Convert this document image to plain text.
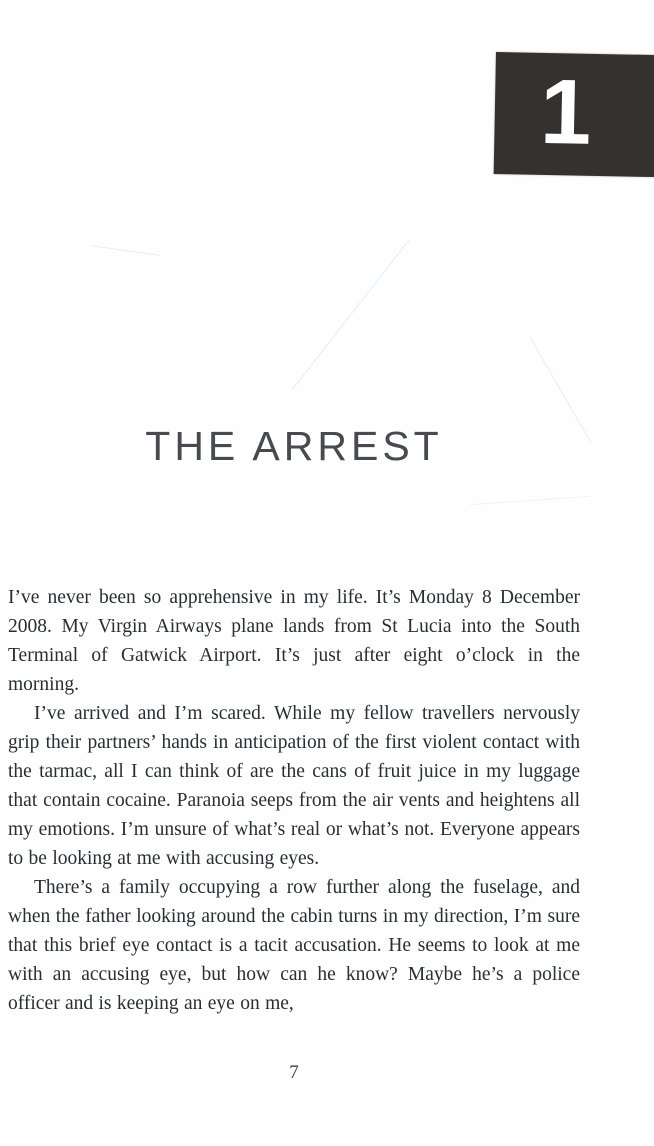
1
THE ARREST

I’ve never been so apprehensive in my life. It’s Monday 8 December 2008. My Virgin Airways plane lands from St Lucia into the South Terminal of Gatwick Airport. It’s just after eight o’clock in the morning.

I’ve arrived and I’m scared. While my fellow travellers nervously grip their partners’ hands in anticipation of the first violent contact with the tarmac, all I can think of are the cans of fruit juice in my luggage that contain cocaine. Paranoia seeps from the air vents and heightens all my emotions. I’m unsure of what’s real or what’s not. Everyone appears to be looking at me with accusing eyes.

There’s a family occupying a row further along the fuselage, and when the father looking around the cabin turns in my direction, I’m sure that this brief eye contact is a tacit accusation. He seems to look at me with an accusing eye, but how can he know? Maybe he’s a police officer and is keeping an eye on me,

7
